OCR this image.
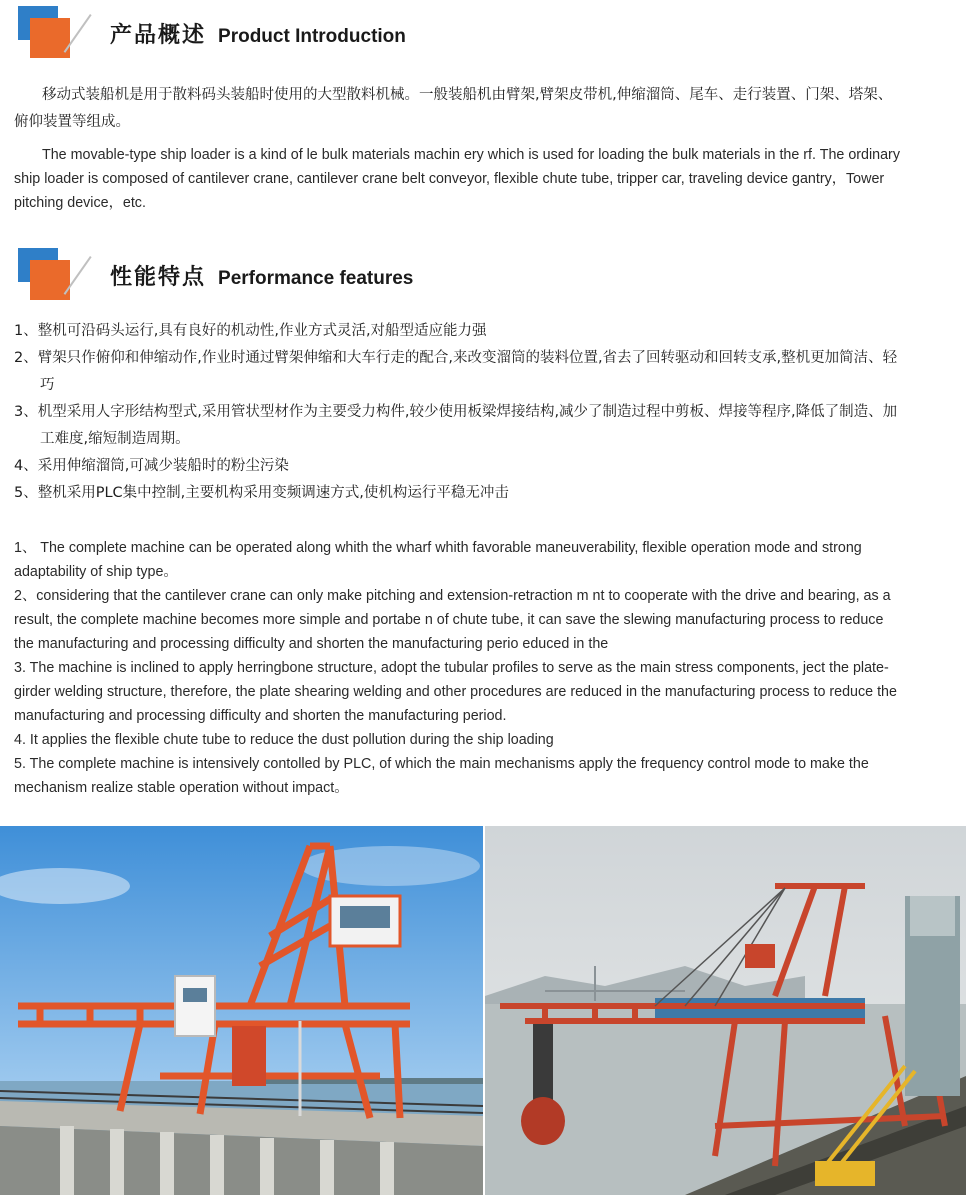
产品概述 Product Introduction
移动式装船机是用于散料码头装船时使用的大型散料机械。一般装船机由臂架,臂架皮带机,伸缩溜筒、尾车、走行装置、门架、塔架、俯仰装置等组成。
The movable-type ship loader is a kind of le bulk materials machin ery which is used for loading the bulk materials in the rf. The ordinary ship loader is composed of cantilever crane, cantilever crane belt conveyor, flexible chute tube, tripper car, traveling device gantry，Tower pitching device，etc.
性能特点 Performance features
1、整机可沿码头运行,具有良好的机动性,作业方式灵活,对船型适应能力强
2、臂架只作俯仰和伸缩动作,作业时通过臂架伸缩和大车行走的配合,来改变溜筒的装料位置,省去了回转驱动和回转支承,整机更加简洁、轻巧
3、机型采用人字形结构型式,采用管状型材作为主要受力构件,较少使用板梁焊接结构,减少了制造过程中剪板、焊接等程序,降低了制造、加工难度,缩短制造周期。
4、采用伸缩溜筒,可减少装船时的粉尘污染
5、整机采用PLC集中控制,主要机构采用变频调速方式,使机构运行平稳无冲击
1、 The complete machine can be operated along whith the wharf whith favorable maneuverability, flexible operation mode and strong adaptability of ship type。
2、considering that the cantilever crane can only make pitching and extension-retraction m nt to cooperate with the drive and bearing, as a result, the complete machine becomes more simple and portabe n of chute tube, it can save the slewing manufacturing process to reduce the manufacturing and processing difficulty and shorten the manufacturing perio educed in the
3. The machine is inclined to apply herringbone structure, adopt the tubular profiles to serve as the main stress components, ject the plate-girder welding structure, therefore, the plate shearing welding and other procedures are reduced in the manufacturing process to reduce the manufacturing and processing difficulty and shorten the manufacturing period.
4. It applies the flexible chute tube to reduce the dust pollution during the ship loading
5. The complete machine is intensively contolled by PLC, of which the main mechanisms apply the frequency control mode to make the mechanism realize stable operation without impact。
